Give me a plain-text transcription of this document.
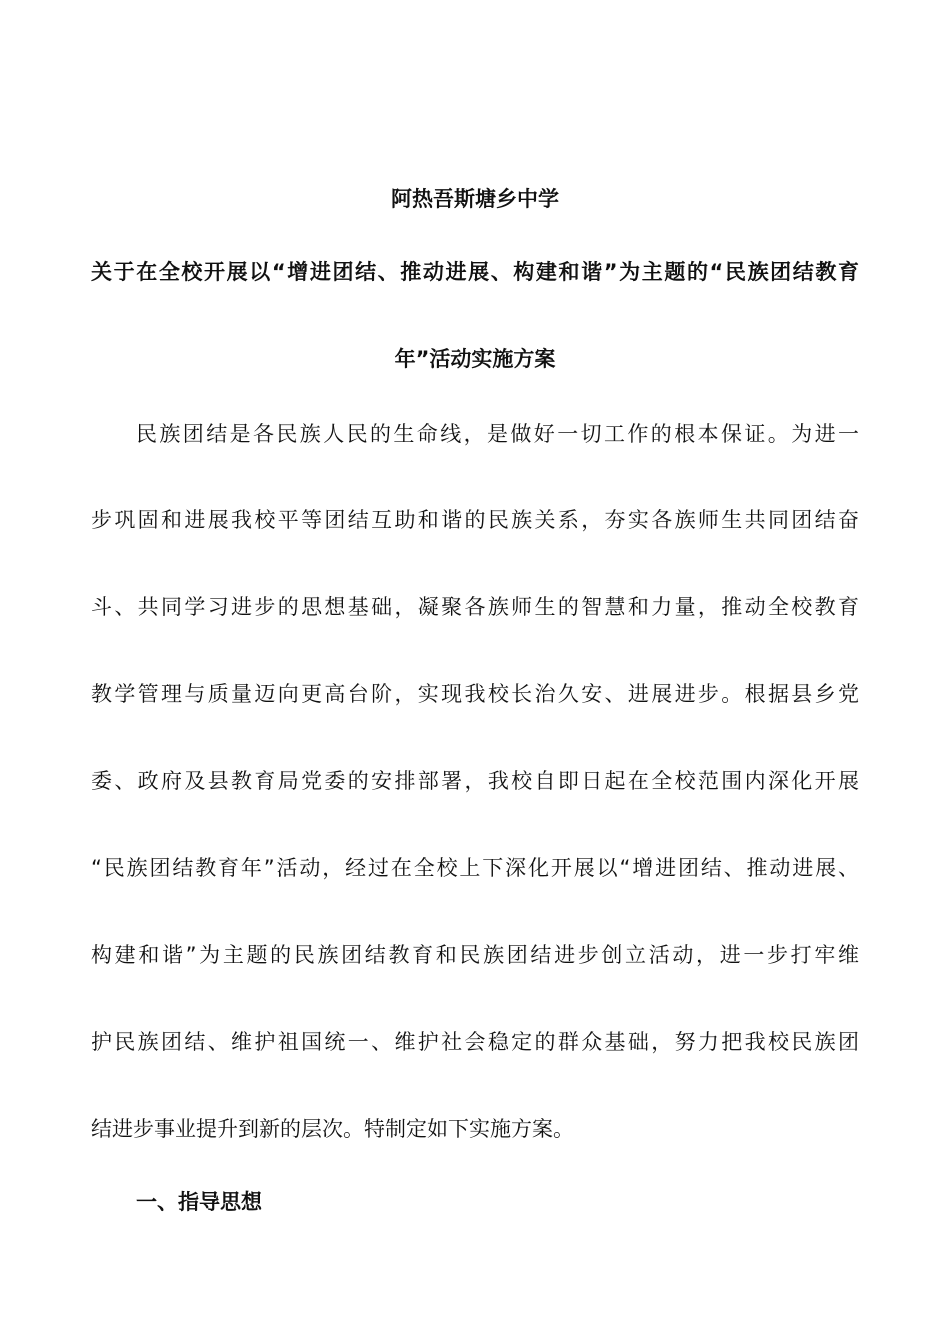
阿热吾斯塘乡中学

关于在全校开展以“增进团结、推动进展、构建和谐”为主题的“民族团结教育

年”活动实施方案

民族团结是各民族人民的生命线，是做好一切工作的根本保证。为进一

步巩固和进展我校平等团结互助和谐的民族关系，夯实各族师生共同团结奋

斗、共同学习进步的思想基础，凝聚各族师生的智慧和力量，推动全校教育

教学管理与质量迈向更高台阶，实现我校长治久安、进展进步。根据县乡党

委、政府及县教育局党委的安排部署，我校自即日起在全校范围内深化开展

“民族团结教育年”活动，经过在全校上下深化开展以“增进团结、推动进展、

构建和谐”为主题的民族团结教育和民族团结进步创立活动，进一步打牢维

护民族团结、维护祖国统一、维护社会稳定的群众基础，努力把我校民族团

结进步事业提升到新的层次。特制定如下实施方案。

一、指导思想
